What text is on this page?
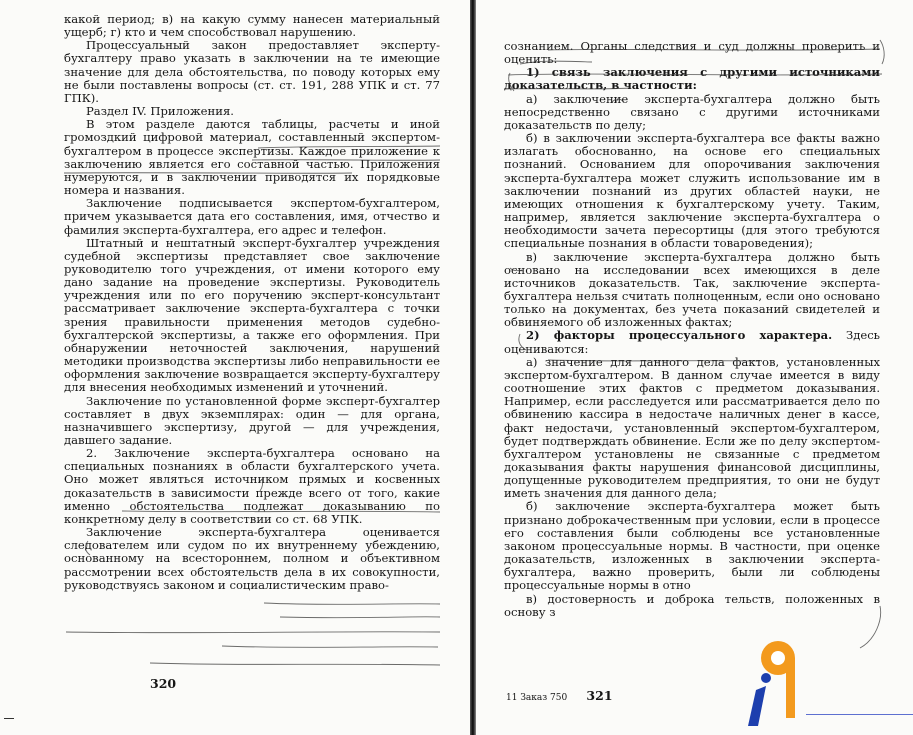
какой период; в) на какую сумму нанесен материальный ущерб; г) кто и чем способствовал нарушению.

Процессуальный закон предоставляет эксперту-бухгалтеру право указать в заключении на те имеющие значение для дела обстоятельства, по поводу которых ему не были поставлены вопросы (ст. ст. 191, 288 УПК и ст. 77 ГПК).

Раздел IV. Приложения.

В этом разделе даются таблицы, расчеты и иной громоздкий цифровой материал, составленный экспертом-бухгалтером в процессе экспертизы. Каждое приложение к заключению является его составной частью. Приложения нумеруются, и в заключении приводятся их порядковые номера и названия.

Заключение подписывается экспертом-бухгалтером, причем указывается дата его составления, имя, отчество и фамилия эксперта-бухгалтера, его адрес и телефон.

Штатный и нештатный эксперт-бухгалтер учреждения судебной экспертизы представляет свое заключение руководителю того учреждения, от имени которого ему дано задание на проведение экспертизы. Руководитель учреждения или по его поручению эксперт-консультант рассматривает заключение эксперта-бухгалтера с точки зрения правильности применения методов судебно-бухгалтерской экспертизы, а также его оформления. При обнаружении неточностей заключения, нарушений методики производства экспертизы либо неправильности ее оформления заключение возвращается эксперту-бухгалтеру для внесения необходимых изменений и уточнений.

Заключение по установленной форме эксперт-бухгалтер составляет в двух экземплярах: один — для органа, назначившего экспертизу, другой — для учреждения, давшего задание.

2. Заключение эксперта-бухгалтера основано на специальных познаниях в области бухгалтерского учета. Оно может являться источником прямых и косвенных доказательств в зависимости прежде всего от того, какие именно обстоятельства подлежат доказыванию по конкретному делу в соответствии со ст. 68 УПК.

Заключение эксперта-бухгалтера оценивается следователем или судом по их внутреннему убеждению, основанному на всестороннем, полном и объективном рассмотрении всех обстоятельств дела в их совокупности, руководствуясь законом и социалистическим право-

320

сознанием. Органы следствия и суд должны проверить и оценить:

1) связь заключения с другими источниками доказательств, в частности:

а) заключение эксперта-бухгалтера должно быть непосредственно связано с другими источниками доказательств по делу;

б) в заключении эксперта-бухгалтера все факты важно излагать обоснованно, на основе его специальных познаний. Основанием для опорочивания заключения эксперта-бухгалтера может служить использование им в заключении познаний из других областей науки, не имеющих отношения к бухгалтерскому учету. Таким, например, является заключение эксперта-бухгалтера о необходимости зачета пересортицы (для этого требуются специальные познания в области товароведения);

в) заключение эксперта-бухгалтера должно быть основано на исследовании всех имеющихся в деле источников доказательств. Так, заключение эксперта-бухгалтера нельзя считать полноценным, если оно основано только на документах, без учета показаний свидетелей и обвиняемого об изложенных фактах;

2) факторы процессуального характера. Здесь оцениваются:

а) значение для данного дела фактов, установленных экспертом-бухгалтером. В данном случае имеется в виду соотношение этих фактов с предметом доказывания. Например, если расследуется или рассматривается дело по обвинению кассира в недостаче наличных денег в кассе, факт недостачи, установленный экспертом-бухгалтером, будет подтверждать обвинение. Если же по делу экспертом-бухгалтером установлены не связанные с предметом доказывания факты нарушения финансовой дисциплины, допущенные руководителем предприятия, то они не будут иметь значения для данного дела;

б) заключение эксперта-бухгалтера может быть признано доброкачественным при условии, если в процессе его составления были соблюдены все установленные законом процессуальные нормы. В частности, при оценке доказательств, изложенных в заключении эксперта-бухгалтера, важно проверить, были ли соблюдены процессуальные нормы в отно

в) достоверность и доброка тельств, положенных в основу з

11 Заказ 750 321
